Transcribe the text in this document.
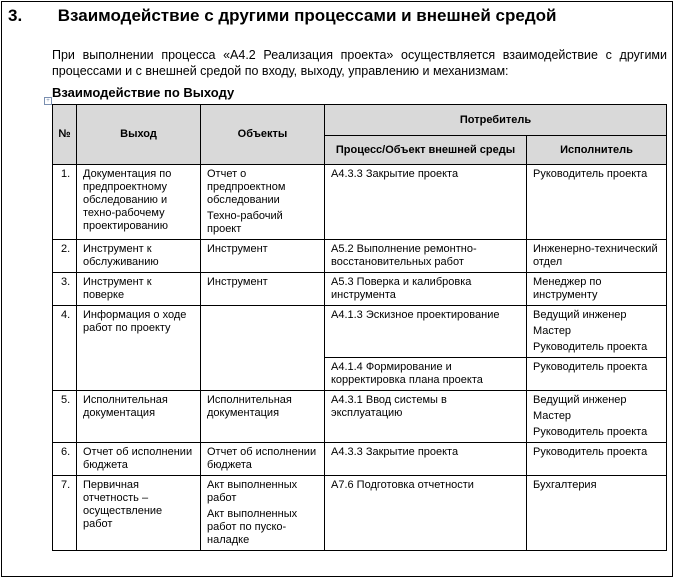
3. Взаимодействие с другими процессами и внешней средой
При выполнении процесса «А4.2 Реализация проекта» осуществляется взаимодействие с другими процессами и с внешней средой по входу, выходу, управлению и механизмам:
+
Взаимодействие по Выходу
№	Выход	Объекты	Потребитель	
			Процесс/Объект внешней среды	Исполнитель
1.	Документация по предпроектному обследованию и техно-рабочему проектированию	Отчет о предпроектном обследовании
Техно-рабочий проект	А4.3.3 Закрытие проекта	Руководитель проекта

2.	Инструмент к обслуживанию	Инструмент	А5.2 Выполнение ремонтно-восстановительных работ	Инженерно-технический отдел

3.	Инструмент к поверке	Инструмент	А5.3 Поверка и калибровка инструмента	Менеджер по инструменту

4.	Информация о ходе работ по проекту		А4.1.3 Эскизное проектирование	Ведущий инженер
Мастер
Руководитель проекта

			А4.1.4 Формирование и корректировка плана проекта	Руководитель проекта

5.	Исполнительная документация	Исполнительная документация	А4.3.1 Ввод системы в эксплуатацию	Ведущий инженер
Мастер
Руководитель проекта

6.	Отчет об исполнении бюджета	Отчет об исполнении бюджета	А4.3.3 Закрытие проекта	Руководитель проекта

7.	Первичная отчетность – осуществление работ	Акт выполненных работ
Акт выполненных работ по пуско-наладке	А7.6 Подготовка отчетности	Бухгалтерия
